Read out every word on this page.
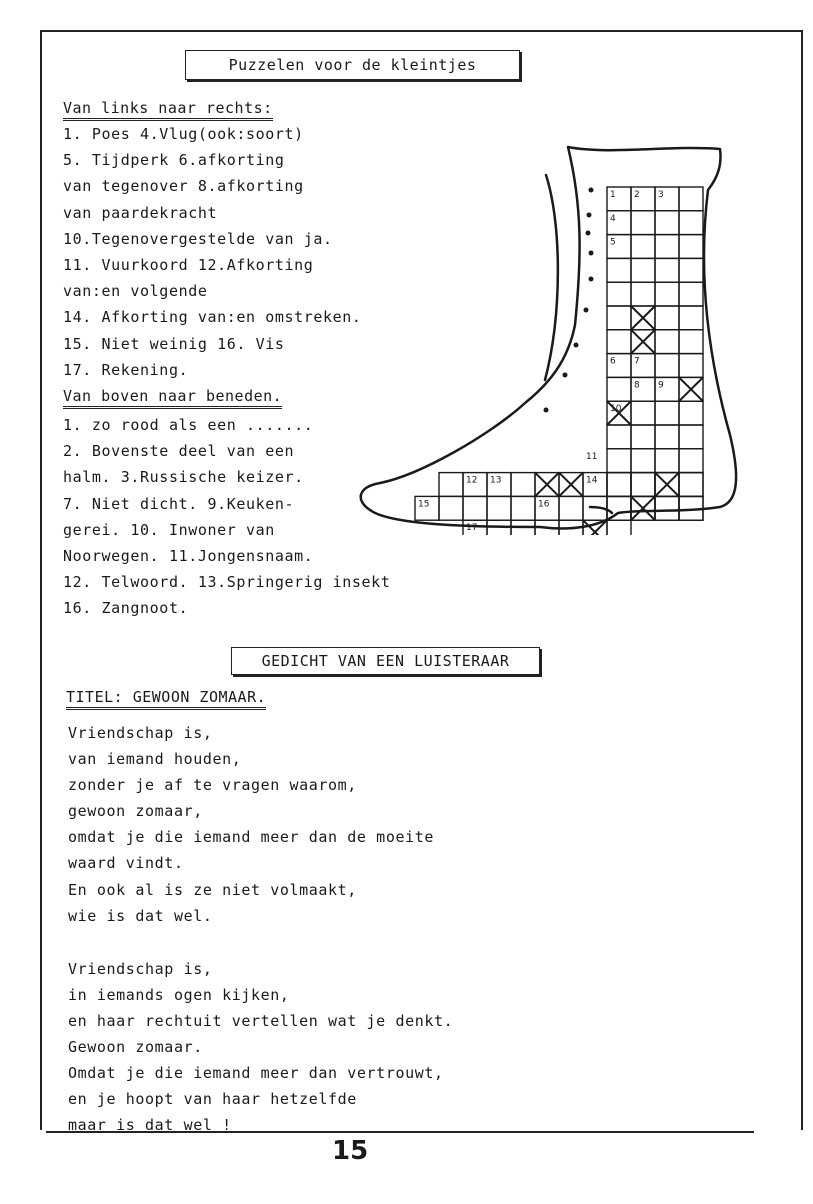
Puzzelen voor de kleintjes
Van links naar rechts:
1. Poes 4.Vlug(ook:soort)
5. Tijdperk 6.afkorting
van tegenover 8.afkorting
van paardekracht
10.Tegenovergestelde van ja.
11. Vuurkoord 12.Afkorting
van:en volgende
14. Afkorting van:en omstreken.
15. Niet weinig 16. Vis
17. Rekening.
Van boven naar beneden.
1. zo rood als een .......
2. Bovenste deel van een
halm. 3.Russische keizer.
7. Niet dicht. 9.Keuken-
gerei. 10. Inwoner van
Noorwegen. 11.Jongensnaam.
12. Telwoord. 13.Springerig insekt
16. Zangnoot.
1 2 3
4
5
6 7
8 9
10
11
12 13	14
15	16
17
GEDICHT VAN EEN LUISTERAAR
TITEL: GEWOON ZOMAAR.
Vriendschap is,
van iemand houden,
zonder je af te vragen waarom,
gewoon zomaar,
omdat je die iemand meer dan de moeite
waard vindt.
En ook al is ze niet volmaakt,
wie is dat wel.
Vriendschap is,
in iemands ogen kijken,
en haar rechtuit vertellen wat je denkt.
Gewoon zomaar.
Omdat je die iemand meer dan vertrouwt,
en je hoopt van haar hetzelfde
maar is dat wel !
15
